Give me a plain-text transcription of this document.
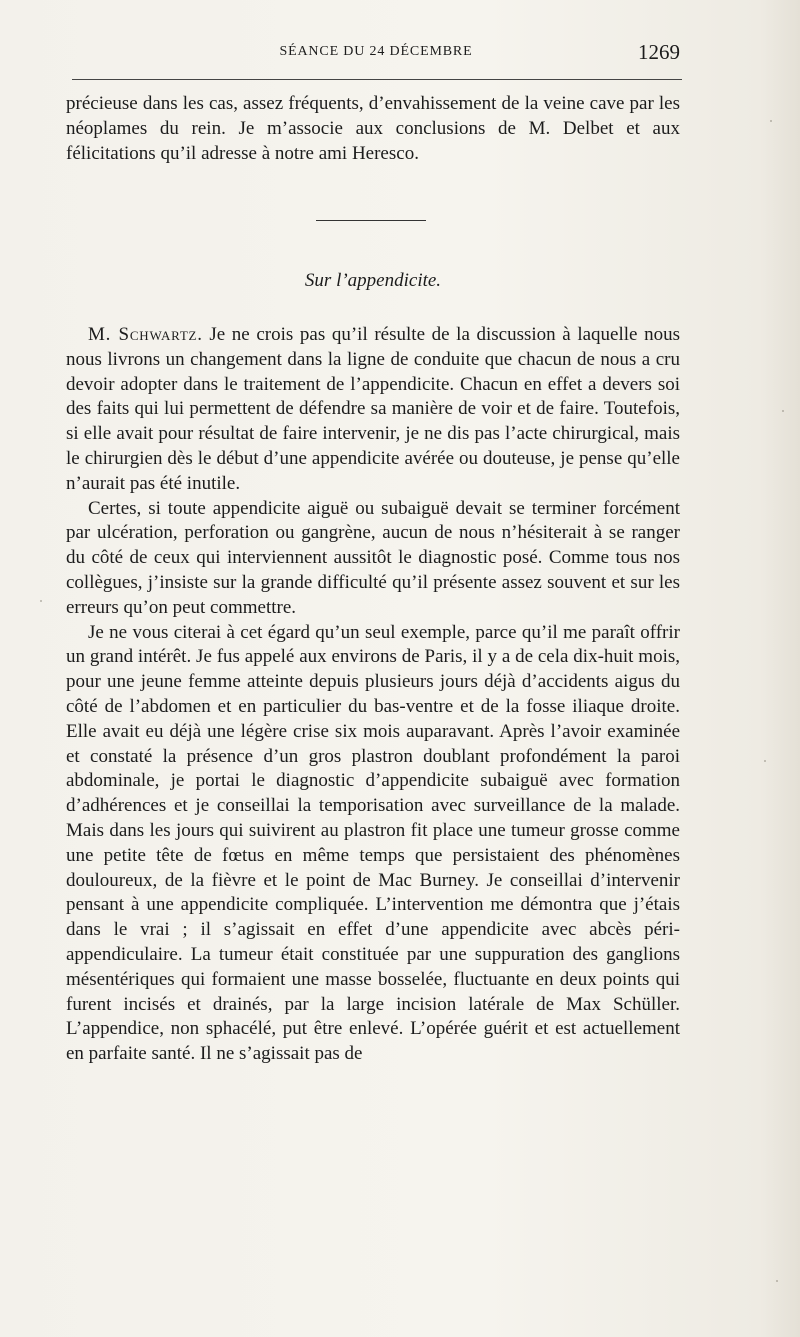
SÉANCE DU 24 DÉCEMBRE	1269
précieuse dans les cas, assez fréquents, d’envahissement de la veine cave par les néoplames du rein. Je m’associe aux conclusions de M. Delbet et aux félicitations qu’il adresse à notre ami Heresco.
Sur l’appendicite.

M. Schwartz. Je ne crois pas qu’il résulte de la discussion à laquelle nous nous livrons un changement dans la ligne de conduite que chacun de nous a cru devoir adopter dans le traitement de l’appendicite. Chacun en effet a devers soi des faits qui lui permettent de défendre sa manière de voir et de faire. Toutefois, si elle avait pour résultat de faire intervenir, je ne dis pas l’acte chirurgical, mais le chirurgien dès le début d’une appendicite avérée ou douteuse, je pense qu’elle n’aurait pas été inutile.

Certes, si toute appendicite aiguë ou subaiguë devait se terminer forcément par ulcération, perforation ou gangrène, aucun de nous n’hésiterait à se ranger du côté de ceux qui interviennent aussitôt le diagnostic posé. Comme tous nos collègues, j’insiste sur la grande difficulté qu’il présente assez souvent et sur les erreurs qu’on peut commettre.

Je ne vous citerai à cet égard qu’un seul exemple, parce qu’il me paraît offrir un grand intérêt. Je fus appelé aux environs de Paris, il y a de cela dix-huit mois, pour une jeune femme atteinte depuis plusieurs jours déjà d’accidents aigus du côté de l’abdomen et en particulier du bas-ventre et de la fosse iliaque droite. Elle avait eu déjà une légère crise six mois auparavant. Après l’avoir examinée et constaté la présence d’un gros plastron doublant profondément la paroi abdominale, je portai le diagnostic d’appendicite subaiguë avec formation d’adhérences et je conseillai la temporisation avec surveillance de la malade. Mais dans les jours qui suivirent au plastron fit place une tumeur grosse comme une petite tête de fœtus en même temps que persistaient des phénomènes douloureux, de la fièvre et le point de Mac Burney. Je conseillai d’intervenir pensant à une appendicite compliquée. L’intervention me démontra que j’étais dans le vrai ; il s’agissait en effet d’une appendicite avec abcès péri-appendiculaire. La tumeur était constituée par une suppuration des ganglions mésentériques qui formaient une masse bosselée, fluctuante en deux points qui furent incisés et drainés, par la large incision latérale de Max Schüller. L’appendice, non sphacélé, put être enlevé. L’opérée guérit et est actuellement en parfaite santé. Il ne s’agissait pas de
